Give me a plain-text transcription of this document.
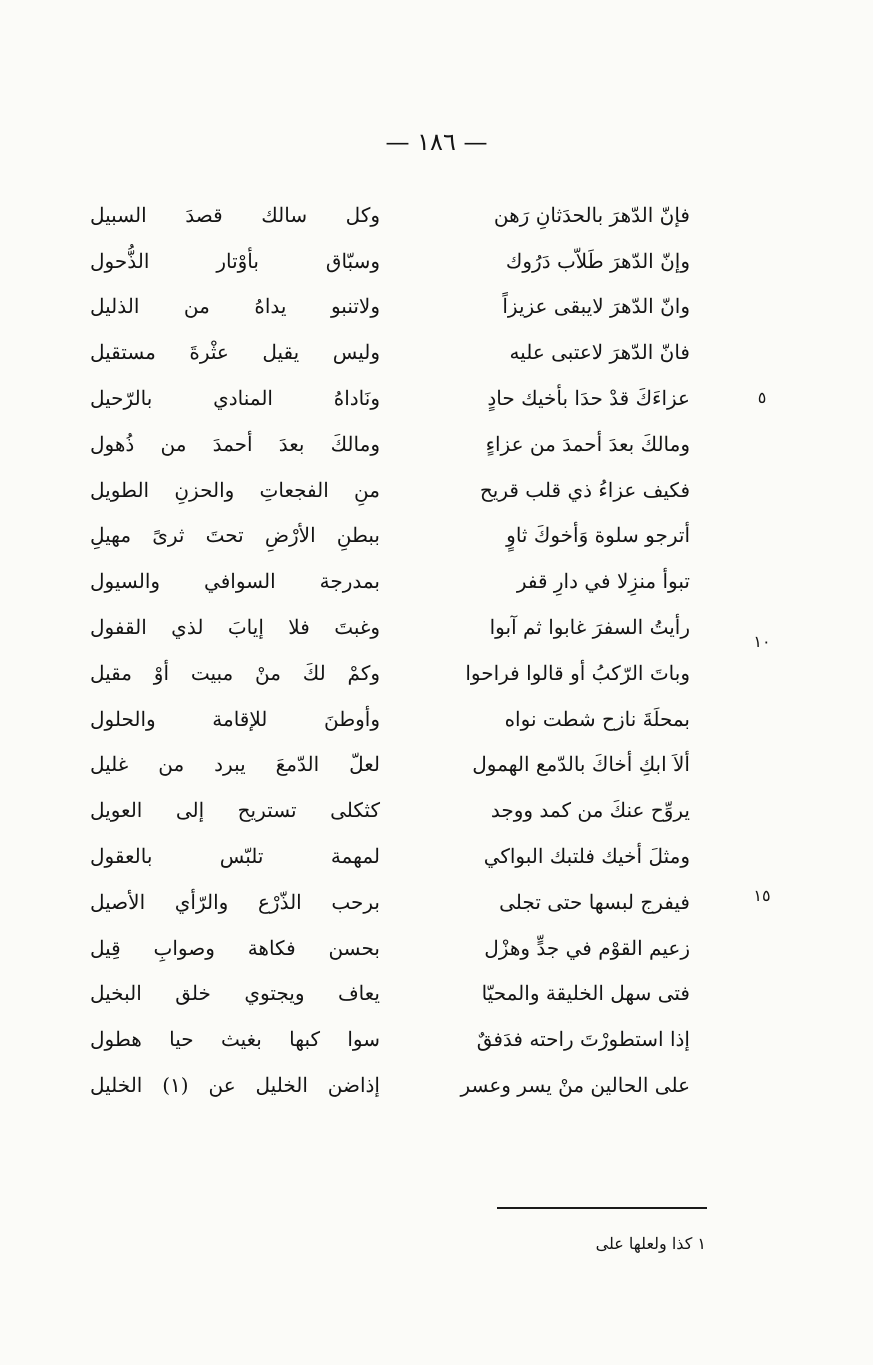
— ١٨٦ —
فإنّ الدّهرَ بالحدَثانِ رَهن
وكل سالك قصدَ السبيل
وإنّ الدّهرَ طَلاّب دَرُوك
وسبّاق بأوْتار الذُّحول
وانّ الدّهرَ لايبقى عزيزاً
ولاتنبو يداهُ من الذليل
فانّ الدّهرَ لاعتبى عليه
وليس يقيل عثْرةَ مستقيل
عزاءَكَ قدْ حدَا بأخيك حادٍ
ونَاداهُ المنادي بالرّحيل
ومالكَ بعدَ أحمدَ من عزاءٍ
ومالكَ بعدَ أحمدَ من ذُهول
فكيف عزاءُ ذي قلب قريح
منِ الفجعاتِ والحزنِ الطويل
أترجو سلوة وَأخوكَ ثاوٍ
ببطنِ الأرْضِ تحتَ ثرىً مهيلِ
تبوأ منزِلا في دارِ قفر
بمدرجة السوافي والسيول
رأيتُ السفرَ غابوا ثم آبوا
وغبتَ فلا إيابَ لذي القفول
وباتَ الرّكبُ أو قالوا فراحوا
وكمْ لكَ منْ مبيت أوْ مقيل
بمحلَةَ نازح شطت نواه
وأوطنَ للإقامة والحلول
ألاَ ابكِ أخاكَ بالدّمع الهمول
لعلّ الدّمعَ يبرد من غليل
يروِّح عنكَ من كمد ووجد
كثكلى تستريح إلى العويل
ومثلَ أخيك فلتبك البواكي
لمهمة تلبّس بالعقول
فيفرج لبسها حتى تجلى
برحب الذّرْع والرّأي الأصيل
زعيم القوْم في جدٍّ وهزْل
بحسن فكاهة وصوابِ قِيل
فتى سهل الخليقة والمحيّا
يعاف ويجتوي خلق البخيل
إذا استطورْتَ راحته فدَفقٌ
سوا كبها بغيث حيا هطول
على الحالين منْ يسر وعسر
إذاضن الخليل عن (١) الخليل
٥
١٠
١٥
١ كذا ولعلها على
